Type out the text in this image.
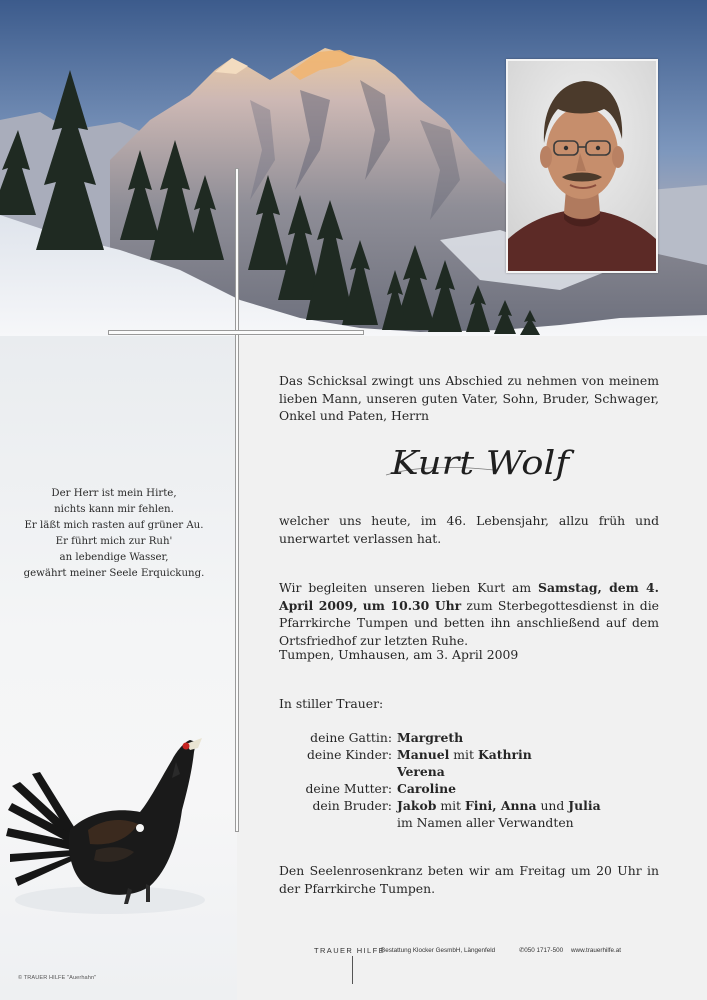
Der Herr ist mein Hirte,
nichts kann mir fehlen.
Er läßt mich rasten auf grüner Au.
Er führt mich zur Ruh'
an lebendige Wasser,
gewährt meiner Seele Erquickung.
© TRAUER HILFE "Auerhahn"
Das Schicksal zwingt uns Abschied zu nehmen von meinem lieben Mann, unseren guten Vater, Sohn, Bruder, Schwager, Onkel und Paten, Herrn
Kurt Wolf
welcher uns heute, im 46. Lebensjahr, allzu früh und unerwartet verlassen hat.
Wir begleiten unseren lieben Kurt am Samstag, dem 4. April 2009, um 10.30 Uhr zum Sterbegottesdienst in die Pfarrkirche Tumpen und betten ihn anschließend auf dem Ortsfriedhof zur letzten Ruhe.
Tumpen, Umhausen, am 3. April 2009
In stiller Trauer:
deine Gattin: Margreth
deine Kinder: Manuel mit Kathrin
Verena
deine Mutter: Caroline
dein Bruder: Jakob mit Fini, Anna und Julia
im Namen aller Verwandten
Den Seelenrosenkranz beten wir am Freitag um 20 Uhr in der Pfarrkirche Tumpen.
TRAUER HILFE
Bestattung Klocker GesmbH, Längenfeld	✆050 1717-500 www.trauerhilfe.at
